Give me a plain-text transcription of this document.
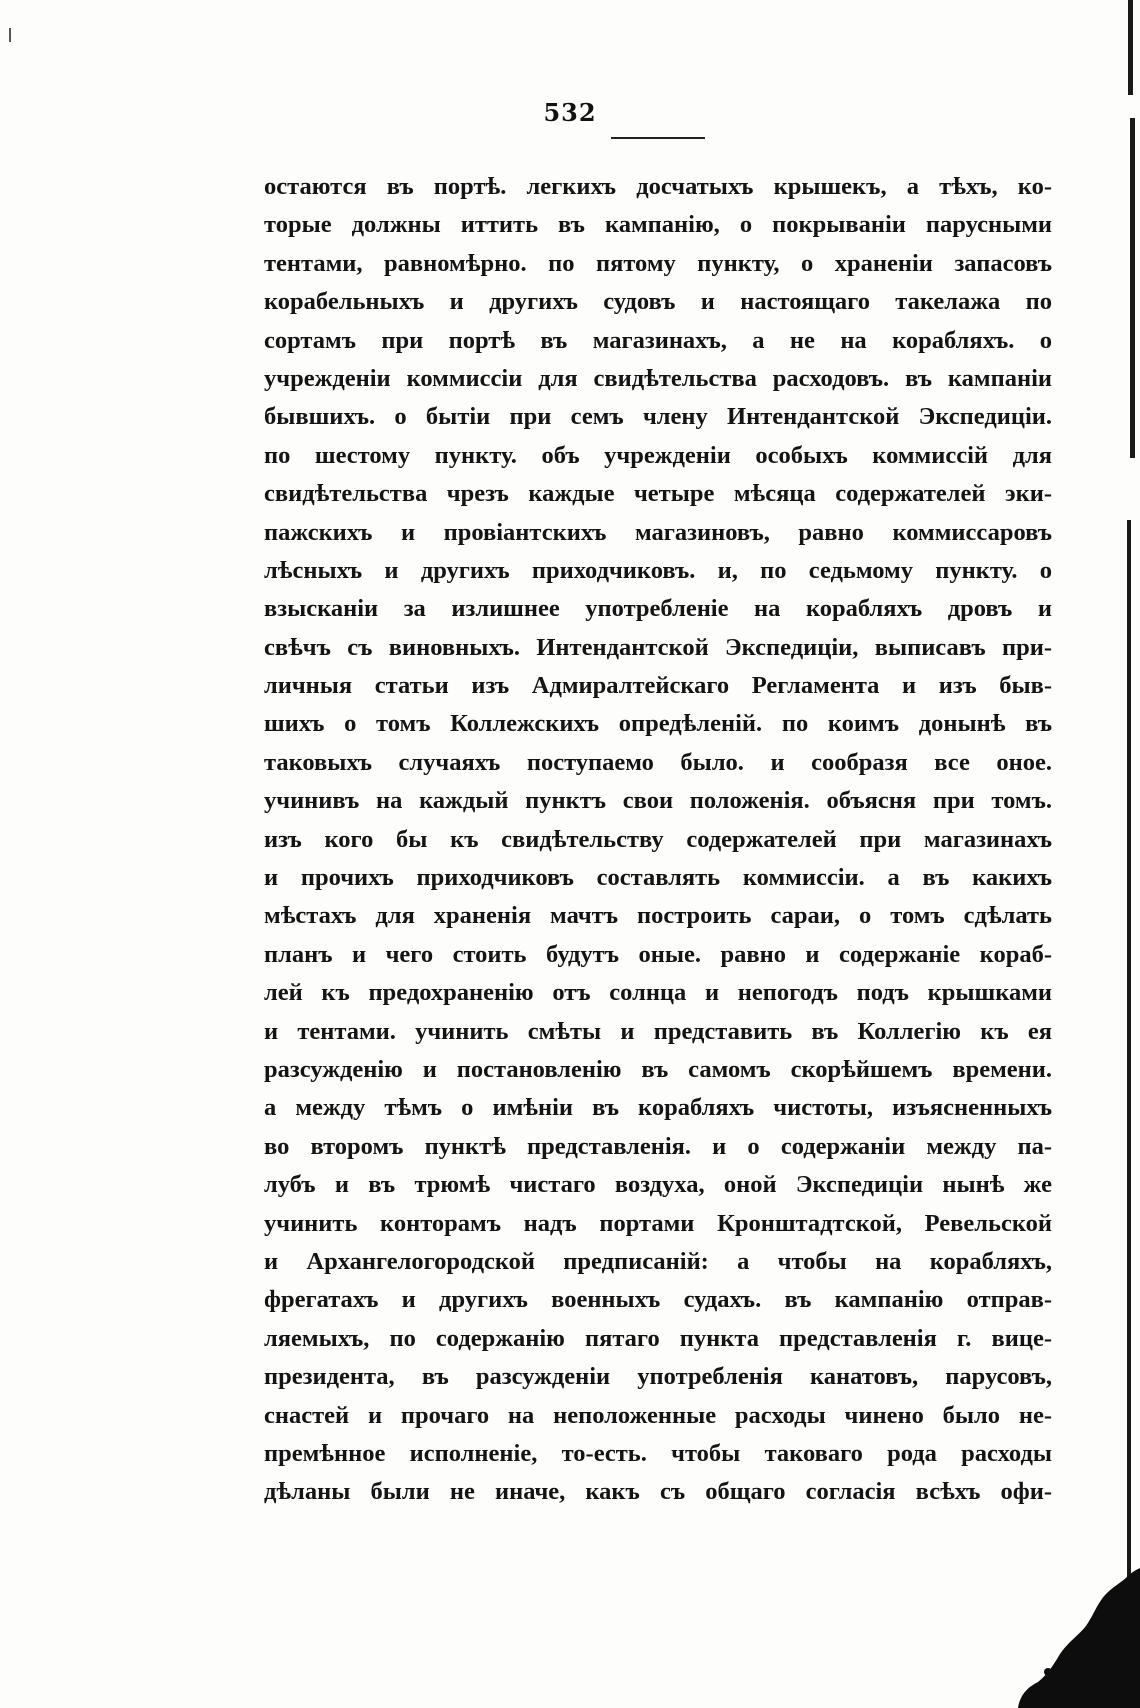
532
остаются въ портѣ. легкихъ досчатыхъ крышекъ, а тѣхъ, ко-
торые должны иттить въ кампанію, о покрываніи парусными
тентами, равномѣрно. по пятому пункту, о храненіи запасовъ
корабельныхъ и другихъ судовъ и настоящаго такелажа по
сортамъ при портѣ въ магазинахъ, а не на корабляхъ. о
учрежденіи коммиссіи для свидѣтельства расходовъ. въ кампаніи
бывшихъ. о бытіи при семъ члену Интендантской Экспедиціи.
по шестому пункту. объ учрежденіи особыхъ коммиссій для
свидѣтельства чрезъ каждые четыре мѣсяца содержателей эки-
пажскихъ и провіантскихъ магазиновъ, равно коммиссаровъ
лѣсныхъ и другихъ приходчиковъ. и, по седьмому пункту. о
взысканіи за излишнее употребленіе на корабляхъ дровъ и
свѣчъ съ виновныхъ. Интендантской Экспедиціи, выписавъ при-
личныя статьи изъ Адмиралтейскаго Регламента и изъ быв-
шихъ о томъ Коллежскихъ опредѣленій. по коимъ донынѣ въ
таковыхъ случаяхъ поступаемо было. и сообразя все оное.
учинивъ на каждый пунктъ свои положенія. объясня при томъ.
изъ кого бы къ свидѣтельству содержателей при магазинахъ
и прочихъ приходчиковъ составлять коммиссіи. а въ какихъ
мѣстахъ для храненія мачтъ построить сараи, о томъ сдѣлать
планъ и чего стоить будутъ оные. равно и содержаніе кораб-
лей къ предохраненію отъ солнца и непогодъ подъ крышками
и тентами. учинить смѣты и представить въ Коллегію къ ея
разсужденію и постановленію въ самомъ скорѣйшемъ времени.
а между тѣмъ о имѣніи въ корабляхъ чистоты, изъясненныхъ
во второмъ пунктѣ представленія. и о содержаніи между па-
лубъ и въ трюмѣ чистаго воздуха, оной Экспедиціи нынѣ же
учинить конторамъ надъ портами Кронштадтской, Ревельской
и Архангелогородской предписаній: а чтобы на корабляхъ,
фрегатахъ и другихъ военныхъ судахъ. въ кампанію отправ-
ляемыхъ, по содержанію пятаго пункта представленія г. вице-
президента, въ разсужденіи употребленія канатовъ, парусовъ,
снастей и прочаго на неположенные расходы чинено было не-
премѣнное исполненіе, то-есть. чтобы таковаго рода расходы
дѣланы были не иначе, какъ съ общаго согласія всѣхъ офи-
